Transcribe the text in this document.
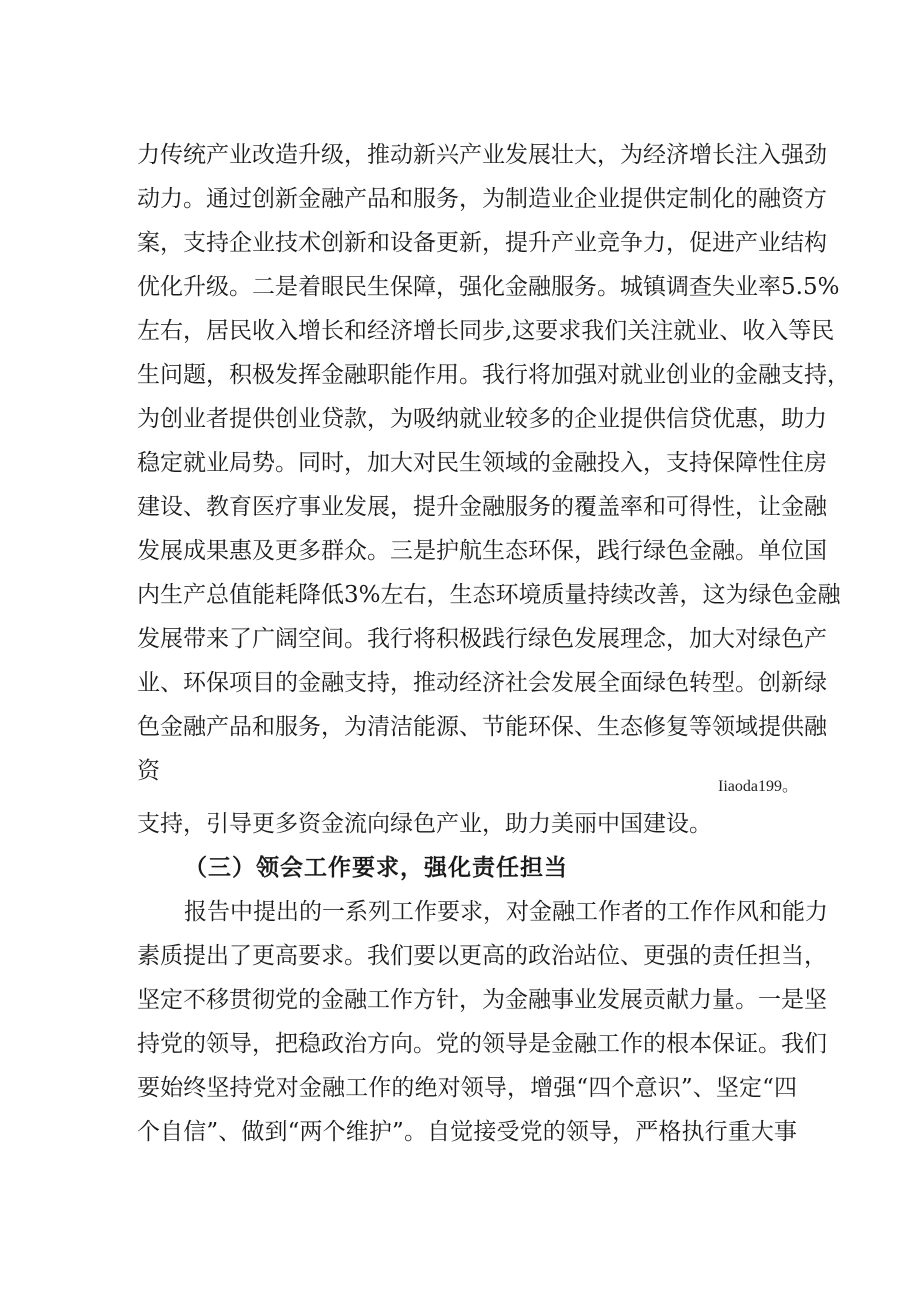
力传统产业改造升级，推动新兴产业发展壮大，为经济增长注入强劲
动力。通过创新金融产品和服务，为制造业企业提供定制化的融资方
案，支持企业技术创新和设备更新，提升产业竞争力，促进产业结构
优化升级。二是着眼民生保障，强化金融服务。城镇调查失业率5.5%
左右，居民收入增长和经济增长同步,这要求我们关注就业、收入等民
生问题，积极发挥金融职能作用。我行将加强对就业创业的金融支持，
为创业者提供创业贷款，为吸纳就业较多的企业提供信贷优惠，助力
稳定就业局势。同时，加大对民生领域的金融投入，支持保障性住房
建设、教育医疗事业发展，提升金融服务的覆盖率和可得性，让金融
发展成果惠及更多群众。三是护航生态环保，践行绿色金融。单位国
内生产总值能耗降低3%左右，生态环境质量持续改善，这为绿色金融
发展带来了广阔空间。我行将积极践行绿色发展理念，加大对绿色产
业、环保项目的金融支持，推动经济社会发展全面绿色转型。创新绿
色金融产品和服务，为清洁能源、节能环保、生态修复等领域提供融
资
Iiaoda199。
支持，引导更多资金流向绿色产业，助力美丽中国建设。
（三）领会工作要求，强化责任担当
报告中提出的一系列工作要求，对金融工作者的工作作风和能力
素质提出了更高要求。我们要以更高的政治站位、更强的责任担当，
坚定不移贯彻党的金融工作方针，为金融事业发展贡献力量。一是坚
持党的领导，把稳政治方向。党的领导是金融工作的根本保证。我们
要始终坚持党对金融工作的绝对领导，增强“四个意识”、坚定“四
个自信”、做到“两个维护”。自觉接受党的领导，严格执行重大事
